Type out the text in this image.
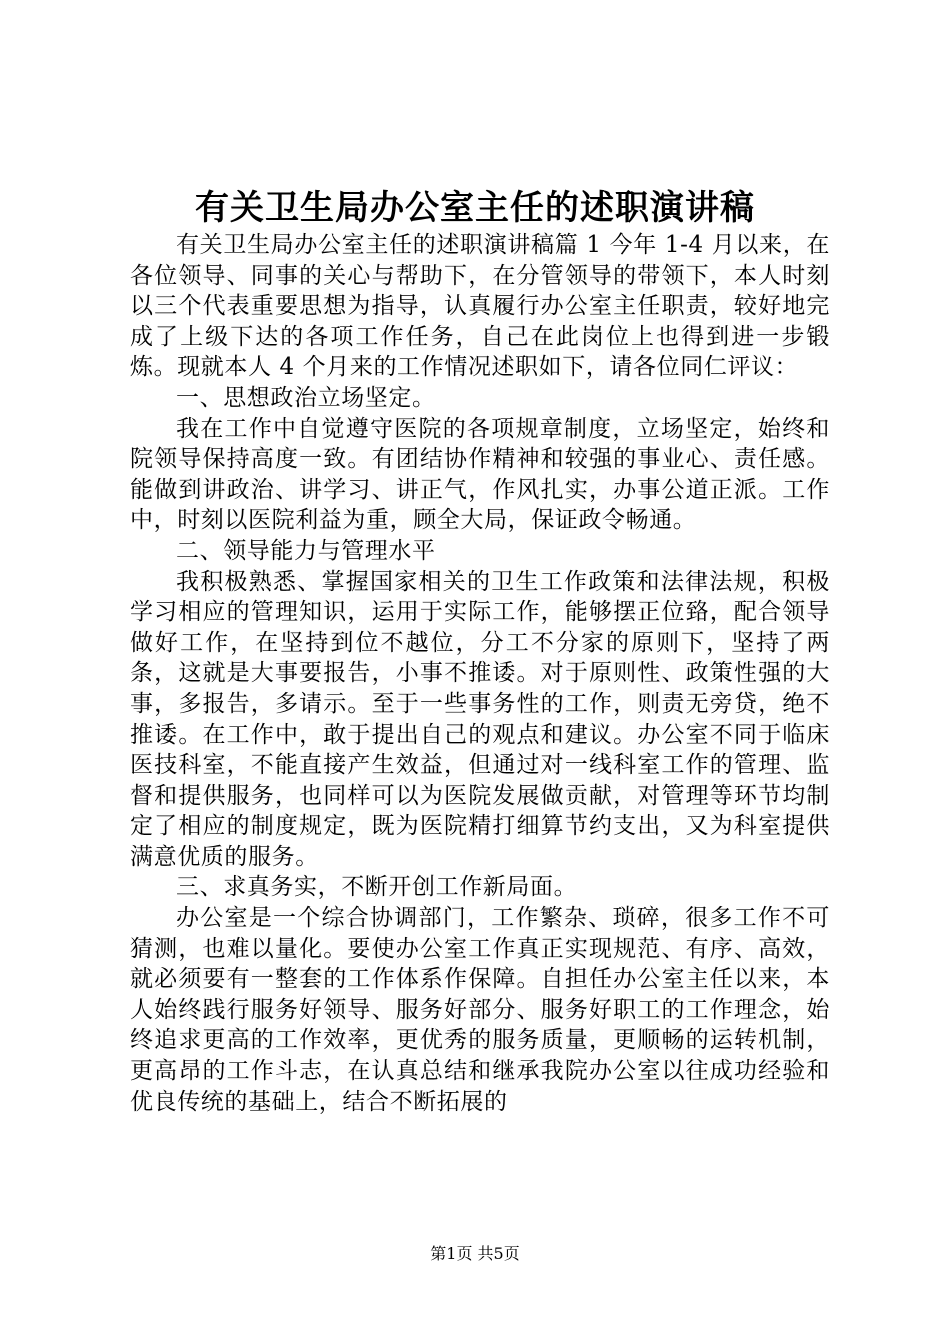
有关卫生局办公室主任的述职演讲稿

有关卫生局办公室主任的述职演讲稿篇 1 今年 1-4 月以来，在各位领导、同事的关心与帮助下，在分管领导的带领下，本人时刻以三个代表重要思想为指导，认真履行办公室主任职责，较好地完成了上级下达的各项工作任务，自己在此岗位上也得到进一步锻炼。现就本人 4 个月来的工作情况述职如下，请各位同仁评议：

一、思想政治立场坚定。

我在工作中自觉遵守医院的各项规章制度，立场坚定，始终和院领导保持高度一致。有团结协作精神和较强的事业心、责任感。能做到讲政治、讲学习、讲正气，作风扎实，办事公道正派。工作中，时刻以医院利益为重，顾全大局，保证政令畅通。

二、领导能力与管理水平

我积极熟悉、掌握国家相关的卫生工作政策和法律法规，积极学习相应的管理知识，运用于实际工作，能够摆正位臵，配合领导做好工作，在坚持到位不越位，分工不分家的原则下，坚持了两条，这就是大事要报告，小事不推诿。对于原则性、政策性强的大事，多报告，多请示。至于一些事务性的工作，则责无旁贷，绝不推诿。在工作中，敢于提出自己的观点和建议。办公室不同于临床医技科室，不能直接产生效益，但通过对一线科室工作的管理、监督和提供服务，也同样可以为医院发展做贡献，对管理等环节均制定了相应的制度规定，既为医院精打细算节约支出，又为科室提供满意优质的服务。

三、求真务实，不断开创工作新局面。

办公室是一个综合协调部门，工作繁杂、琐碎，很多工作不可猜测，也难以量化。要使办公室工作真正实现规范、有序、高效，就必须要有一整套的工作体系作保障。自担任办公室主任以来，本人始终践行服务好领导、服务好部分、服务好职工的工作理念，始终追求更高的工作效率，更优秀的服务质量，更顺畅的运转机制，更高昂的工作斗志，在认真总结和继承我院办公室以往成功经验和优良传统的基础上，结合不断拓展的

第1页 共5页
